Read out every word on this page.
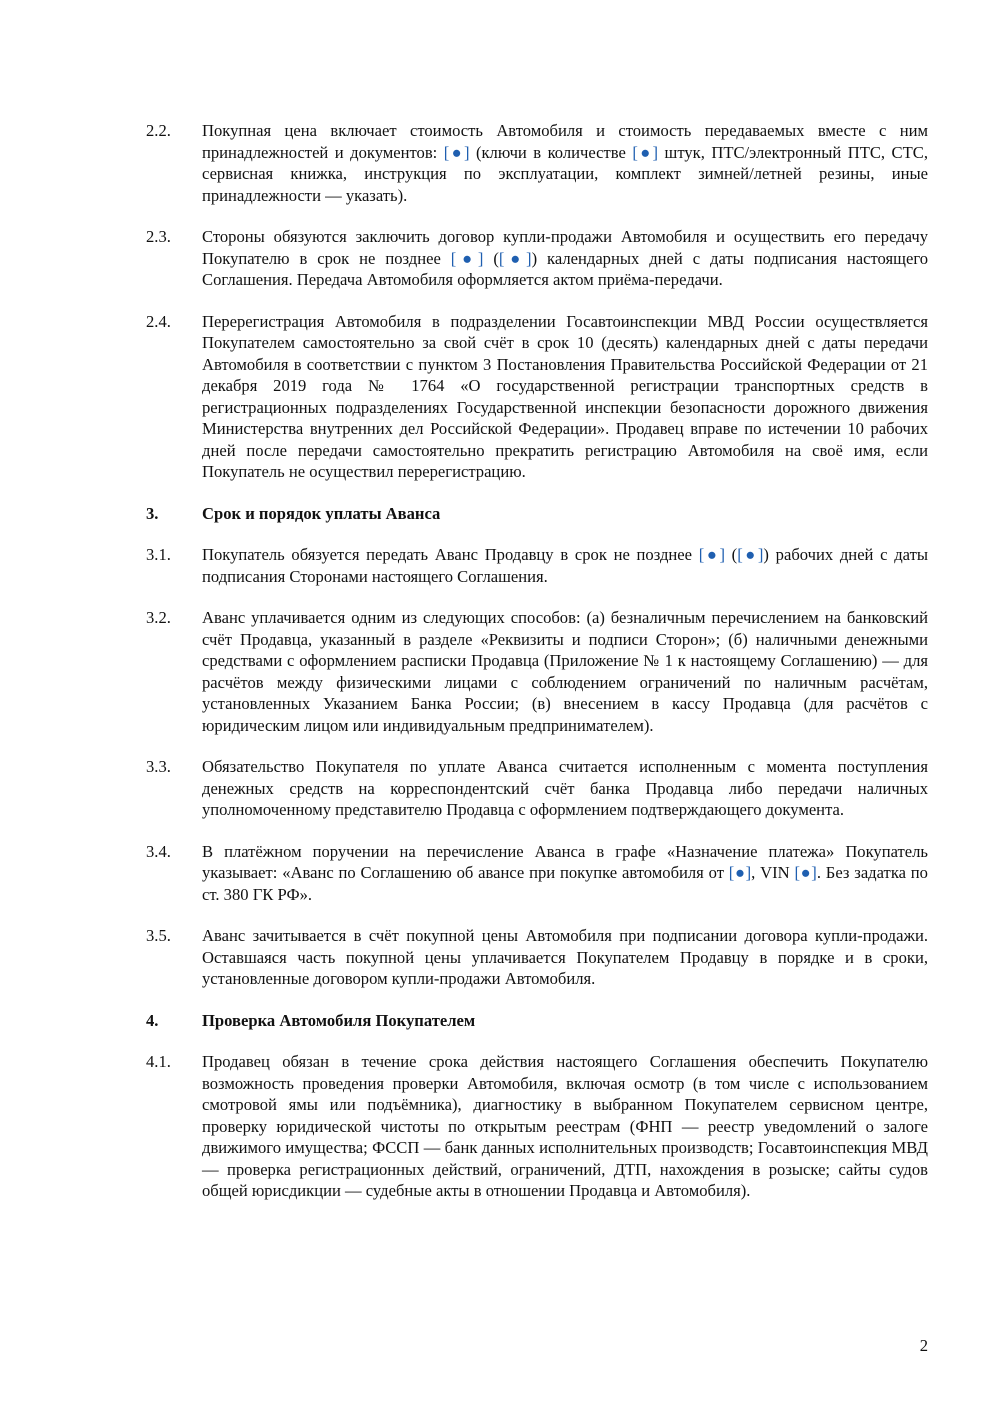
2.2.	Покупная цена включает стоимость Автомобиля и стоимость передаваемых вместе с ним принадлежностей и документов: [●] (ключи в количестве [●] штук, ПТС/электронный ПТС, СТС, сервисная книжка, инструкция по эксплуатации, комплект зимней/летней резины, иные принадлежности — указать).
2.3.	Стороны обязуются заключить договор купли-продажи Автомобиля и осуществить его передачу Покупателю в срок не позднее [●] ([●]) календарных дней с даты подписания настоящего Соглашения. Передача Автомобиля оформляется актом приёма-передачи.
2.4.	Перерегистрация Автомобиля в подразделении Госавтоинспекции МВД России осуществляется Покупателем самостоятельно за свой счёт в срок 10 (десять) календарных дней с даты передачи Автомобиля в соответствии с пунктом 3 Постановления Правительства Российской Федерации от 21 декабря 2019 года № 1764 «О государственной регистрации транспортных средств в регистрационных подразделениях Государственной инспекции безопасности дорожного движения Министерства внутренних дел Российской Федерации». Продавец вправе по истечении 10 рабочих дней после передачи самостоятельно прекратить регистрацию Автомобиля на своё имя, если Покупатель не осуществил перерегистрацию.
3.	Срок и порядок уплаты Аванса
3.1.	Покупатель обязуется передать Аванс Продавцу в срок не позднее [●] ([●]) рабочих дней с даты подписания Сторонами настоящего Соглашения.
3.2.	Аванс уплачивается одним из следующих способов: (а) безналичным перечислением на банковский счёт Продавца, указанный в разделе «Реквизиты и подписи Сторон»; (б) наличными денежными средствами с оформлением расписки Продавца (Приложение № 1 к настоящему Соглашению) — для расчётов между физическими лицами с соблюдением ограничений по наличным расчётам, установленных Указанием Банка России; (в) внесением в кассу Продавца (для расчётов с юридическим лицом или индивидуальным предпринимателем).
3.3.	Обязательство Покупателя по уплате Аванса считается исполненным с момента поступления денежных средств на корреспондентский счёт банка Продавца либо передачи наличных уполномоченному представителю Продавца с оформлением подтверждающего документа.
3.4.	В платёжном поручении на перечисление Аванса в графе «Назначение платежа» Покупатель указывает: «Аванс по Соглашению об авансе при покупке автомобиля от [●], VIN [●]. Без задатка по ст. 380 ГК РФ».
3.5.	Аванс зачитывается в счёт покупной цены Автомобиля при подписании договора купли-продажи. Оставшаяся часть покупной цены уплачивается Покупателем Продавцу в порядке и в сроки, установленные договором купли-продажи Автомобиля.
4.	Проверка Автомобиля Покупателем
4.1.	Продавец обязан в течение срока действия настоящего Соглашения обеспечить Покупателю возможность проведения проверки Автомобиля, включая осмотр (в том числе с использованием смотровой ямы или подъёмника), диагностику в выбранном Покупателем сервисном центре, проверку юридической чистоты по открытым реестрам (ФНП — реестр уведомлений о залоге движимого имущества; ФССП — банк данных исполнительных производств; Госавтоинспекция МВД — проверка регистрационных действий, ограничений, ДТП, нахождения в розыске; сайты судов общей юрисдикции — судебные акты в отношении Продавца и Автомобиля).
2
